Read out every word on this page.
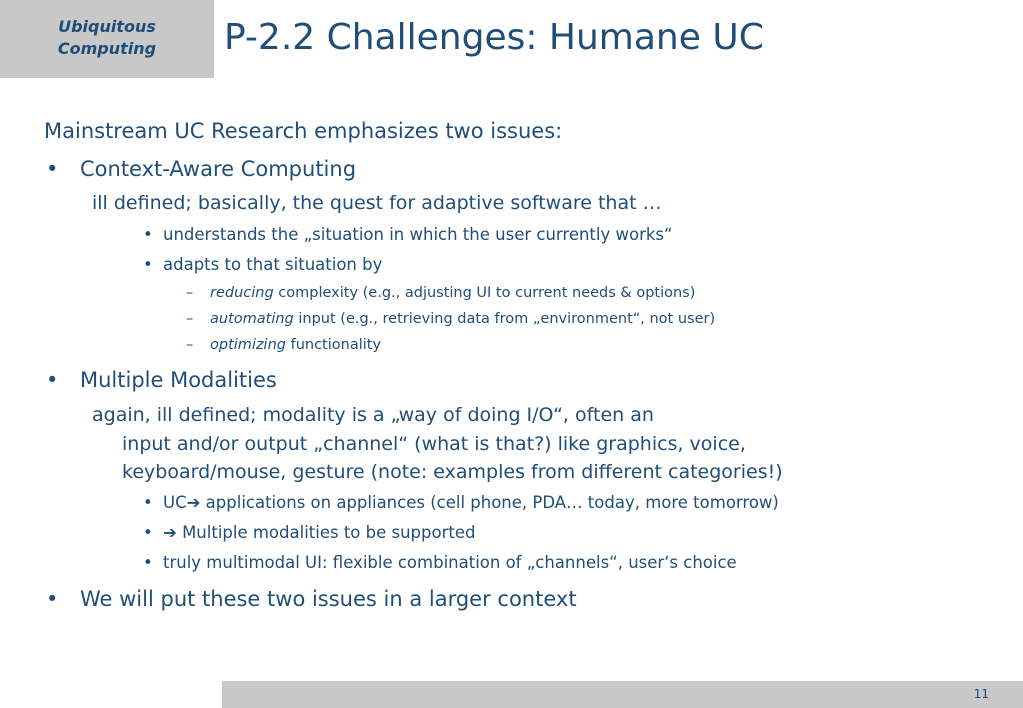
Ubiquitous
Computing	P-2.2 Challenges: Humane UC
Mainstream UC Research emphasizes two issues:
• Context-Aware Computing
ill defined; basically, the quest for adaptive software that …
• understands the „situation in which the user currently works“
• adapts to that situation by
– reducing complexity (e.g., adjusting UI to current needs & options)
– automating input (e.g., retrieving data from „environment“, not user)
– optimizing functionality
• Multiple Modalities
again, ill defined; modality is a „way of doing I/O“, often an
input and/or output „channel“ (what is that?) like graphics, voice,
keyboard/mouse, gesture (note: examples from different categories!)
• UC➔ applications on appliances (cell phone, PDA… today, more tomorrow)
• ➔ Multiple modalities to be supported
• truly multimodal UI: flexible combination of „channels“, user‘s choice
• We will put these two issues in a larger context
11
